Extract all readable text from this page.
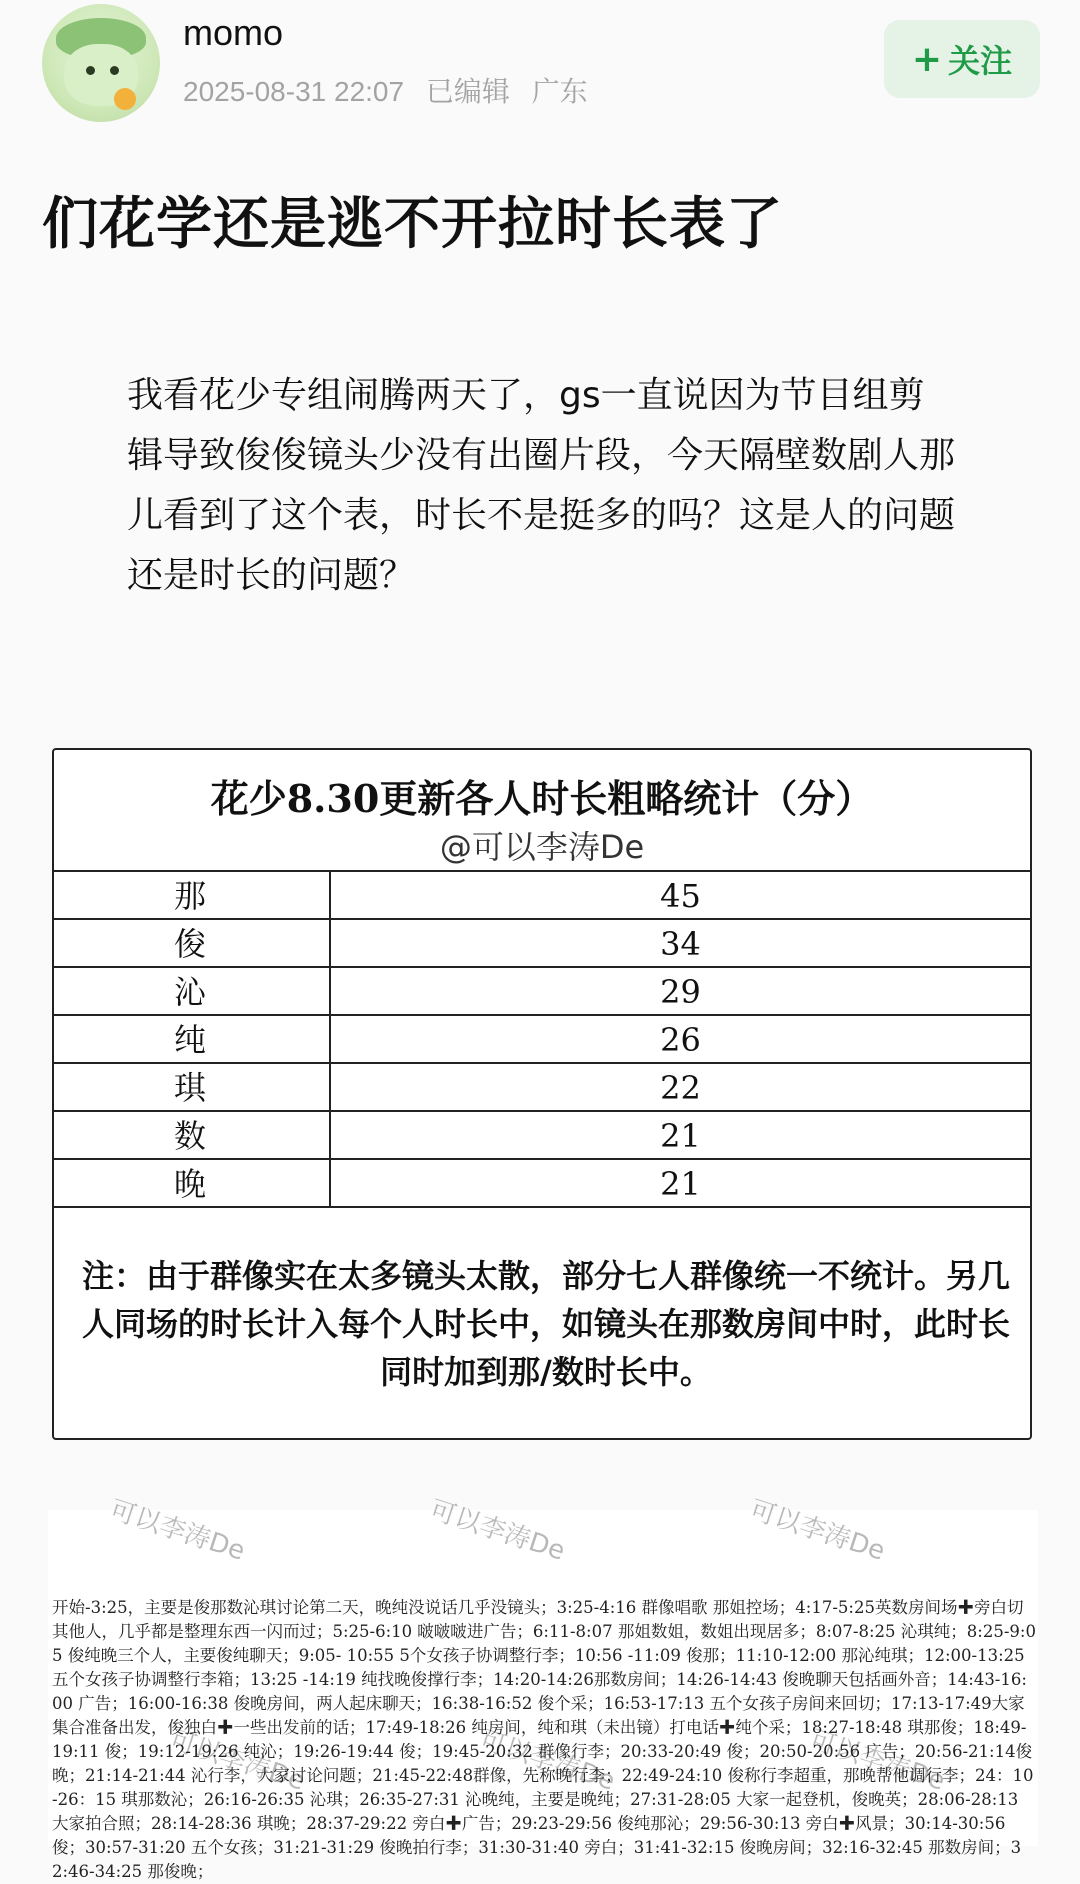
momo
2025-08-31 22:07 已编辑 广东
+ 关注
们花学还是逃不开拉时长表了
我看花少专组闹腾两天了，gs一直说因为节目组剪辑导致俊俊镜头少没有出圈片段，今天隔壁数剧人那儿看到了这个表，时长不是挺多的吗？这是人的问题还是时长的问题？
花少8.30更新各人时长粗略统计（分）
@可以李涛De
那	45
俊	34
沁	29
纯	26
琪	22
数	21
晚	21
注：由于群像实在太多镜头太散，部分七人群像统一不统计。另几人同场的时长计入每个人时长中，如镜头在那数房间中时，此时长同时加到那/数时长中。
可以李涛De	可以李涛De	可以李涛De
开始-3:25，主要是俊那数沁琪讨论第二天，晚纯没说话几乎没镜头；3:25-4:16 群像唱歌 那姐控场；4:17-5:25英数房间场✚旁白切其他人，几乎都是整理东西一闪而过；5:25-6:10 啵啵啵进广告；6:11-8:07 那姐数姐，数姐出现居多；8:07-8:25 沁琪纯；8:25-9:05 俊纯晚三个人，主要俊纯聊天；9:05- 10:55 5个女孩子协调整行李；10:56 -11:09 俊那；11:10-12:00 那沁纯琪；12:00-13:25 五个女孩子协调整行李箱；13:25 -14:19 纯找晚俊撑行李；14:20-14:26那数房间；14:26-14:43 俊晚聊天包括画外音；14:43-16:00 广告；16:00-16:38 俊晚房间，两人起床聊天；16:38-16:52 俊个采；16:53-17:13 五个女孩子房间来回切；17:13-17:49大家集合准备出发，俊独白✚一些出发前的话；17:49-18:26 纯房间，纯和琪（未出镜）打电话✚纯个采；18:27-18:48 琪那俊；18:49-19:11 俊；19:12-19:26 纯沁；19:26-19:44 俊；19:45-20:32 群像行李；20:33-20:49 俊；20:50-20:56 广告；20:56-21:14俊晚；21:14-21:44 沁行李，大家讨论问题；21:45-22:48群像，先称晚行李；22:49-24:10 俊称行李超重，那晚帮他调行李；24：10-26：15 琪那数沁；26:16-26:35 沁琪；26:35-27:31 沁晚纯，主要是晚纯；27:31-28:05 大家一起登机，俊晚英；28:06-28:13 大家拍合照；28:14-28:36 琪晚；28:37-29:22 旁白✚广告；29:23-29:56 俊纯那沁；29:56-30:13 旁白✚风景；30:14-30:56 俊；30:57-31:20 五个女孩；31:21-31:29 俊晚拍行李；31:30-31:40 旁白；31:41-32:15 俊晚房间；32:16-32:45 那数房间；32:46-34:25 那俊晚；
可以李涛De	可以李涛De	可以李涛De
